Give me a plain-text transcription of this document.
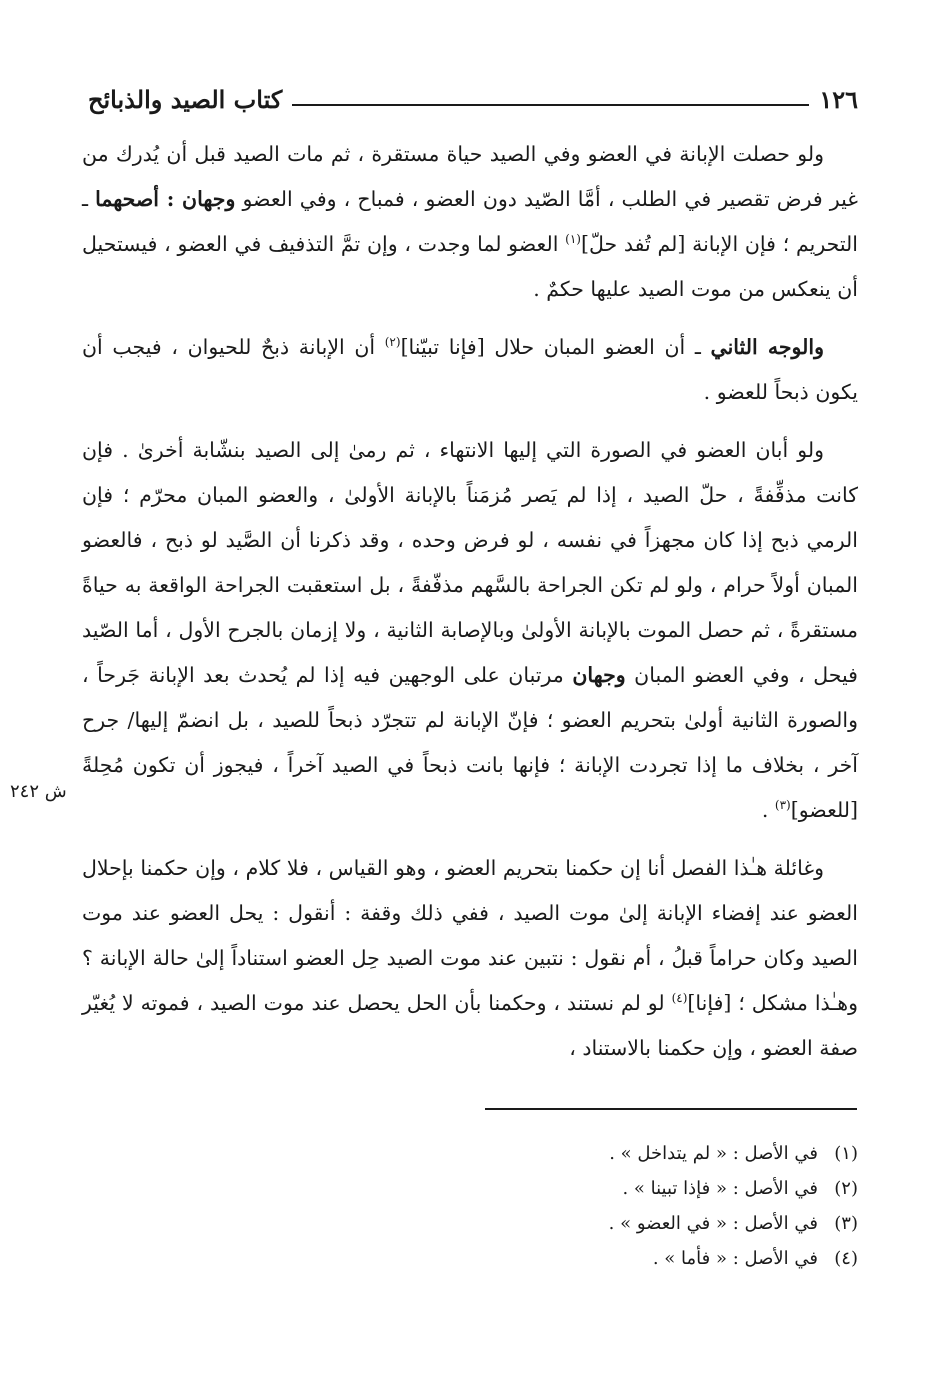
١٢٦
كتاب الصيد والذبائح

ولو حصلت الإبانة في العضو وفي الصيد حياة مستقرة ، ثم مات الصيد قبل أن يُدرك من غير فرض تقصير في الطلب ، أمَّا الصّيد دون العضو ، فمباح ، وفي العضو وجهان : أصحهما ـ التحريم ؛ فإن الإبانة [لم تُفد حلّ]$^{(١)}$ العضو لما وجدت ، وإن تمَّ التذفيف في العضو ، فيستحيل أن ينعكس من موت الصيد عليها حكمٌ .

والوجه الثاني ـ أن العضو المبان حلال [فإنا تبيّنا]$^{(٢)}$ أن الإبانة ذبحٌ للحيوان ، فيجب أن يكون ذبحاً للعضو .

ولو أبان العضو في الصورة التي إليها الانتهاء ، ثم رمىٰ إلى الصيد بنشّابة أخرىٰ . فإن كانت مذفِّفةً ، حلّ الصيد ، إذا لم يَصر مُزمَناً بالإبانة الأولىٰ ، والعضو المبان محرّم ؛ فإن الرمي ذبح إذا كان مجهزاً في نفسه ، لو فرض وحده ، وقد ذكرنا أن الصَّيد لو ذبح ، فالعضو المبان أولاً حرام ، ولو لم تكن الجراحة بالسَّهم مذفّفةً ، بل استعقبت الجراحة الواقعة به حياةً مستقرةً ، ثم حصل الموت بالإبانة الأولىٰ وبالإصابة الثانية ، ولا إزمان بالجرح الأول ، أما الصّيد فيحل ، وفي العضو المبان وجهان مرتبان على الوجهين فيه إذا لم يُحدث بعد الإبانة جَرحاً ، والصورة الثانية أولىٰ بتحريم العضو ؛ فإنّ الإبانة لم تتجرّد ذبحاً للصيد ، بل انضمّ إليها/ جرح آخر ، بخلاف ما إذا تجردت الإبانة ؛ فإنها بانت ذبحاً في الصيد آخراً ، فيجوز أن تكون مُحِلةً [للعضو]$^{(٣)}$ .

وغائلة هـٰذا الفصل أنا إن حكمنا بتحريم العضو ، وهو القياس ، فلا كلام ، وإن حكمنا بإحلال العضو عند إفضاء الإبانة إلىٰ موت الصيد ، ففي ذلك وقفة : أنقول : يحل العضو عند موت الصيد وكان حراماً قبلُ ، أم نقول : نتبين عند موت الصيد حِل العضو استناداً إلىٰ حالة الإبانة ؟ وهـٰذا مشكل ؛ [فإنا]$^{(٤)}$ لو لم نستند ، وحكمنا بأن الحل يحصل عند موت الصيد ، فموته لا يُغيّر صفة العضو ، وإن حكمنا بالاستناد ،

ش ٢٤٢
(١)في الأصل : « لم يتداخل » .
(٢)في الأصل : « فإذا تبينا » .
(٣)في الأصل : « في العضو » .
(٤)في الأصل : « فأما » .
